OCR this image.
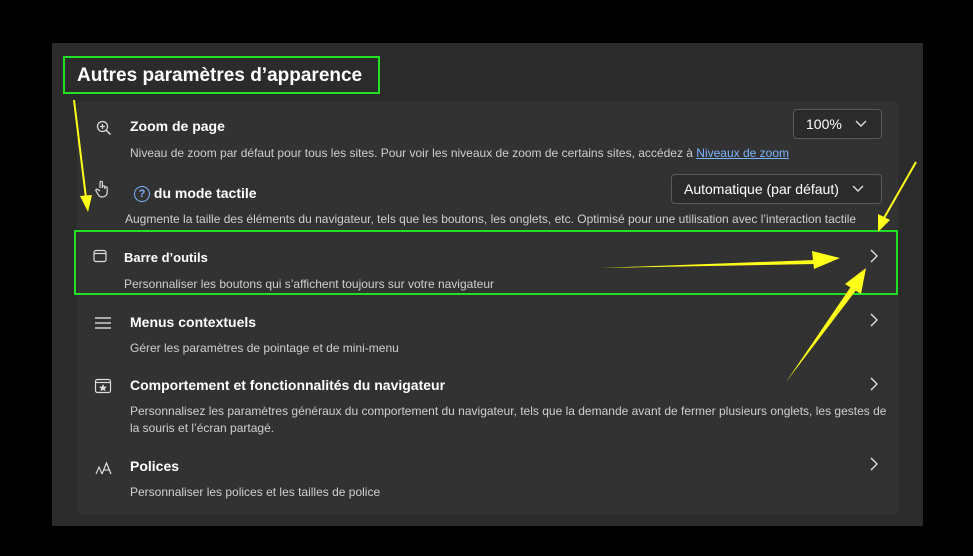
Autres paramètres d’apparence
Zoom de page
Niveau de zoom par défaut pour tous les sites. Pour voir les niveaux de zoom de certains sites, accédez à Niveaux de zoom
100%
? du mode tactile
Augmente la taille des éléments du navigateur, tels que les boutons, les onglets, etc. Optimisé pour une utilisation avec l’interaction tactile
Automatique (par défaut)
Barre d’outils
Personnaliser les boutons qui s’affichent toujours sur votre navigateur
Menus contextuels
Gérer les paramètres de pointage et de mini-menu
Comportement et fonctionnalités du navigateur
Personnalisez les paramètres généraux du comportement du navigateur, tels que la demande avant de fermer plusieurs onglets, les gestes de
la souris et l’écran partagé.
Polices
Personnaliser les polices et les tailles de police
